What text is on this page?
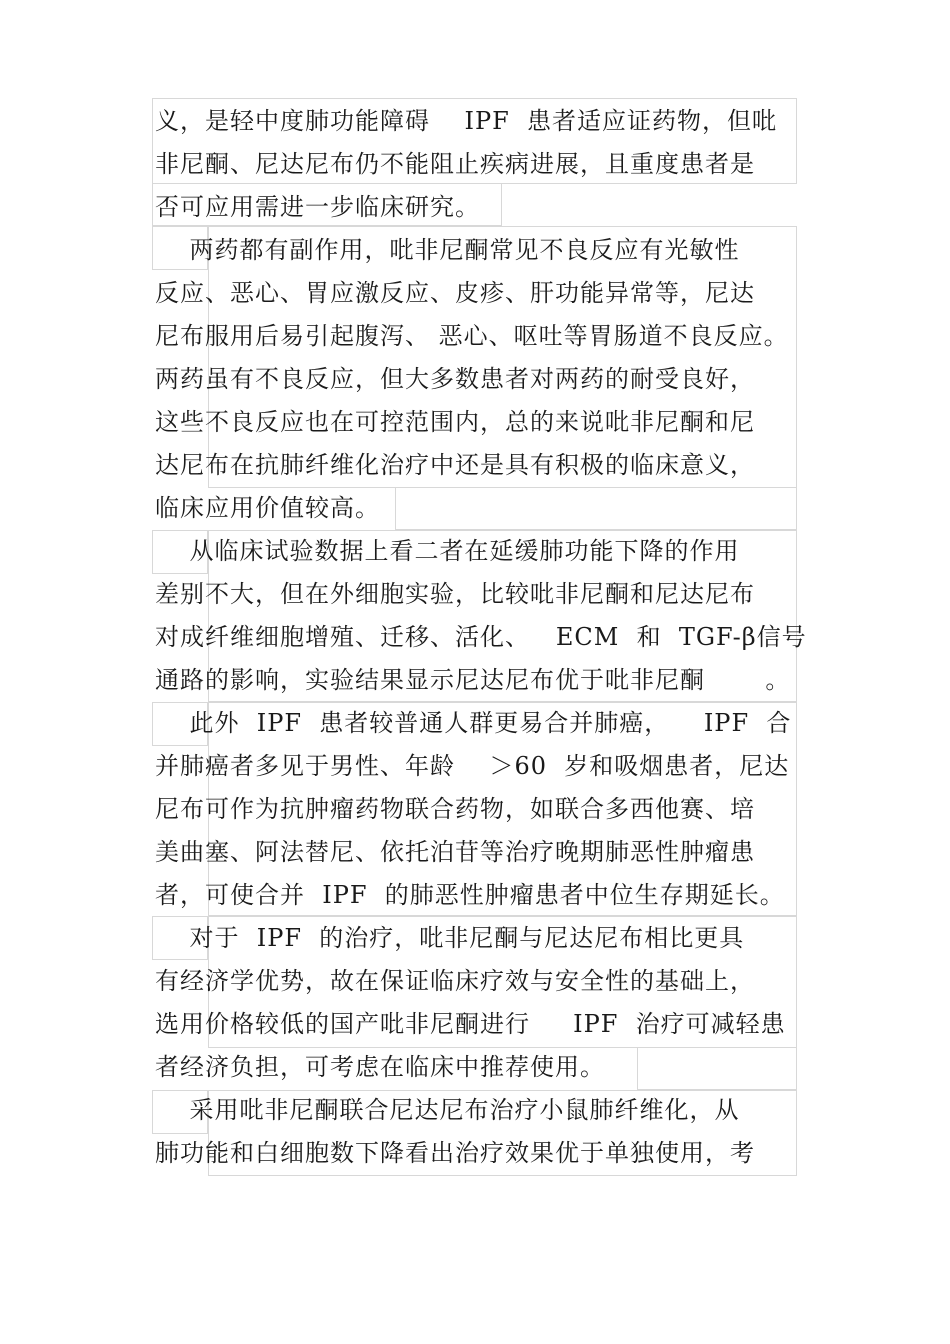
义，是轻中度肺功能障碍    IPF  患者适应证药物，但吡
非尼酮、尼达尼布仍不能阻止疾病进展，且重度患者是
否可应用需进一步临床研究。
两药都有副作用，吡非尼酮常见不良反应有光敏性
反应、恶心、胃应激反应、皮疹、肝功能异常等，尼达
尼布服用后易引起腹泻、 恶心、呕吐等胃肠道不良反应。
两药虽有不良反应，但大多数患者对两药的耐受良好，
这些不良反应也在可控范围内，总的来说吡非尼酮和尼
达尼布在抗肺纤维化治疗中还是具有积极的临床意义，
临床应用价值较高。
从临床试验数据上看二者在延缓肺功能下降的作用
差别不大，但在外细胞实验，比较吡非尼酮和尼达尼布
对成纤维细胞增殖、迁移、活化、   ECM  和  TGF-β信号
通路的影响，实验结果显示尼达尼布优于吡非尼酮       。
此外  IPF  患者较普通人群更易合并肺癌，    IPF  合
并肺癌者多见于男性、年龄    ＞60  岁和吸烟患者，尼达
尼布可作为抗肿瘤药物联合药物，如联合多西他赛、培
美曲塞、阿法替尼、依托泊苷等治疗晚期肺恶性肿瘤患
者，可使合并  IPF  的肺恶性肿瘤患者中位生存期延长。
对于  IPF  的治疗，吡非尼酮与尼达尼布相比更具
有经济学优势，故在保证临床疗效与安全性的基础上，
选用价格较低的国产吡非尼酮进行     IPF  治疗可减轻患
者经济负担，可考虑在临床中推荐使用。
采用吡非尼酮联合尼达尼布治疗小鼠肺纤维化，从
肺功能和白细胞数下降看出治疗效果优于单独使用，考
